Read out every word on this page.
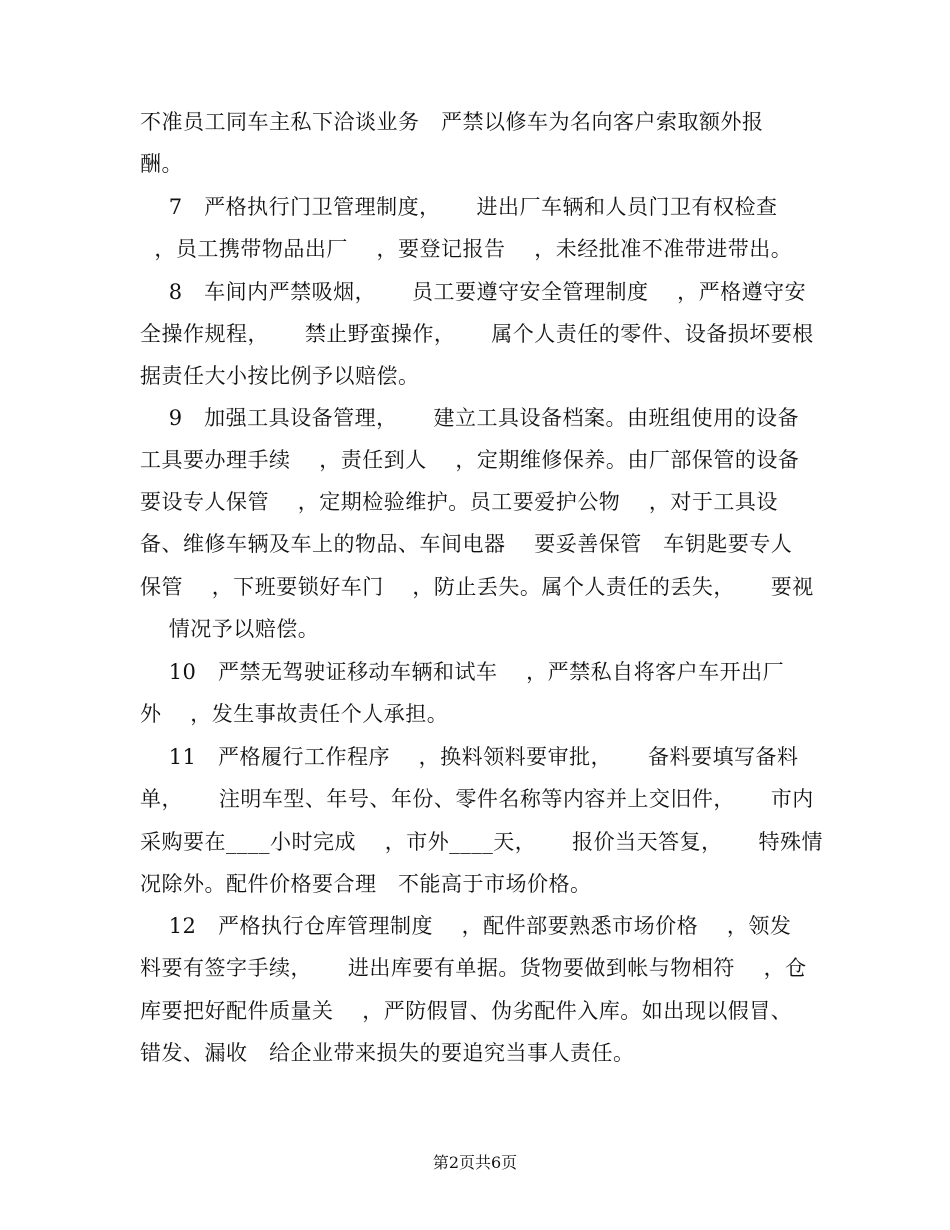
不准员工同车主私下洽谈业务   严禁以修车为名向客户索取额外报
酬。
7   严格执行门卫管理制度，     进出厂车辆和人员门卫有权检查
，员工携带物品出厂    ，要登记报告    ，未经批准不准带进带出。
8   车间内严禁吸烟，     员工要遵守安全管理制度    ，严格遵守安
全操作规程，     禁止野蛮操作，     属个人责任的零件、设备损坏要根
据责任大小按比例予以赔偿。
9   加强工具设备管理，     建立工具设备档案。由班组使用的设备
工具要办理手续    ，责任到人    ，定期维修保养。由厂部保管的设备
要设专人保管    ，定期检验维护。员工要爱护公物    ，对于工具设
备、维修车辆及车上的物品、车间电器    要妥善保管   车钥匙要专人
保管    ，下班要锁好车门    ，防止丢失。属个人责任的丢失，     要视
情况予以赔偿。
10   严禁无驾驶证移动车辆和试车    ，严禁私自将客户车开出厂
外    ，发生事故责任个人承担。
11   严格履行工作程序    ，换料领料要审批，     备料要填写备料
单，     注明车型、年号、年份、零件名称等内容并上交旧件，     市内
采购要在____小时完成    ，市外____天，     报价当天答复，     特殊情
况除外。配件价格要合理   不能高于市场价格。
12   严格执行仓库管理制度    ，配件部要熟悉市场价格    ，领发
料要有签字手续，     进出库要有单据。货物要做到帐与物相符    ，仓
库要把好配件质量关    ，严防假冒、伪劣配件入库。如出现以假冒、
错发、漏收   给企业带来损失的要追究当事人责任。
第2页共6页
